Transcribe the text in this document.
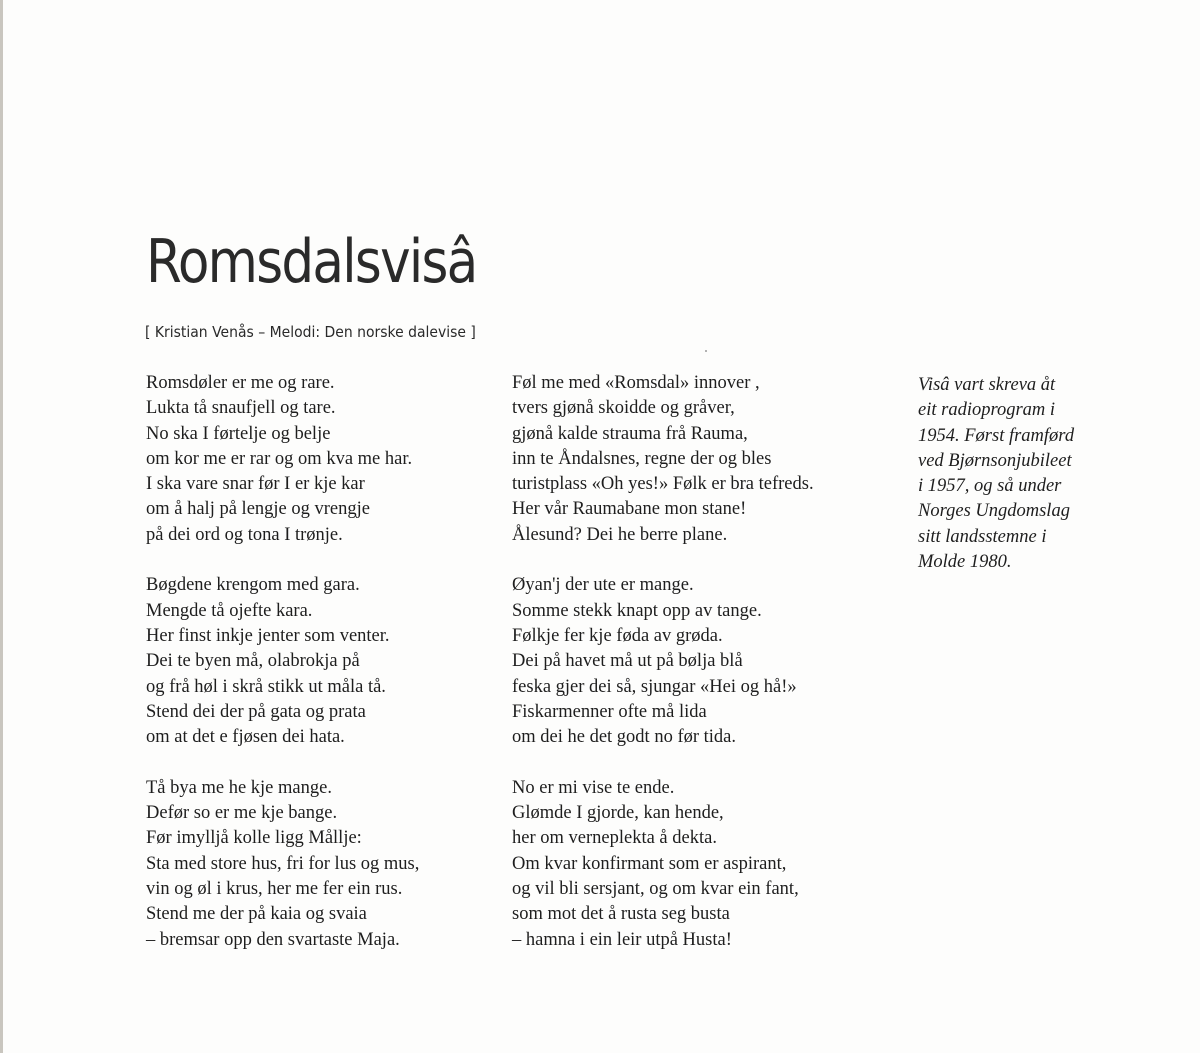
Romsdalsvisâ
[ Kristian Venås – Melodi: Den norske dalevise ]
Romsdøler er me og rare.
Lukta tå snaufjell og tare.
No ska I førtelje og belje
om kor me er rar og om kva me har.
I ska vare snar før I er kje kar
om å halj på lengje og vrengje
på dei ord og tona I trønje.
Bøgdene krengom med gara.
Mengde tå ojefte kara.
Her finst inkje jenter som venter.
Dei te byen må, olabrokja på
og frå høl i skrå stikk ut måla tå.
Stend dei der på gata og prata
om at det e fjøsen dei hata.
Tå bya me he kje mange.
Defør so er me kje bange.
Før imylljå kolle ligg Mållje:
Sta med store hus, fri for lus og mus,
vin og øl i krus, her me fer ein rus.
Stend me der på kaia og svaia
– bremsar opp den svartaste Maja.
Føl me med «Romsdal» innover ,
tvers gjønå skoidde og gråver,
gjønå kalde strauma frå Rauma,
inn te Åndalsnes, regne der og bles
turistplass «Oh yes!» Følk er bra tefreds.
Her vår Raumabane mon stane!
Ålesund? Dei he berre plane.
Øyan'j der ute er mange.
Somme stekk knapt opp av tange.
Følkje fer kje føda av grøda.
Dei på havet må ut på bølja blå
feska gjer dei så, sjungar «Hei og hå!»
Fiskarmenner ofte må lida
om dei he det godt no før tida.
No er mi vise te ende.
Glømde I gjorde, kan hende,
her om verneplekta å dekta.
Om kvar konfirmant som er aspirant,
og vil bli sersjant, og om kvar ein fant,
som mot det å rusta seg busta
– hamna i ein leir utpå Husta!
Visâ vart skreva åt
eit radioprogram i
1954. Først framførd
ved Bjørnsonjubileet
i 1957, og så under
Norges Ungdomslag
sitt landsstemne i
Molde 1980.
